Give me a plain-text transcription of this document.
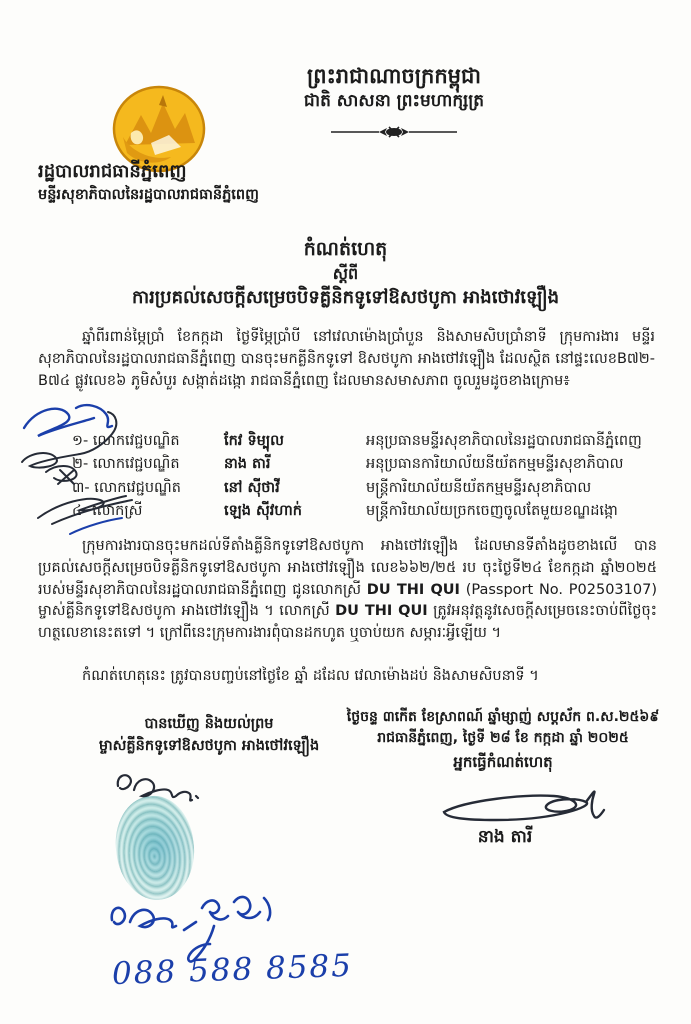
ព្រះរាជាណាចក្រកម្ពុជា
ជាតិ សាសនា ព្រះមហាក្សត្រ
រដ្ឋបាលរាជធានីភ្នំពេញ
មន្ទីរសុខាភិបាលនៃរដ្ឋបាលរាជធានីភ្នំពេញ
កំណត់ហេតុ
ស្តីពី
ការប្រគល់សេចក្តីសម្រេចបិទគ្លីនិកទូទៅឱសថបូកា អាងថោវឡឿង
ឆ្នាំពីរពាន់ម្ភៃប្រាំ ខែកក្កដា ថ្ងៃទីម្ភៃប្រាំបី នៅវេលាម៉ោងប្រាំបួន និងសាមសិបប្រាំនាទី ក្រុមការងារ មន្ទីរសុខាភិបាលនៃរដ្ឋបាលរាជធានីភ្នំពេញ បានចុះមកគ្លីនិកទូទៅ ឱសថបូកា អាងថៅវឡឿង ដែលស្ថិត នៅផ្ទះលេខB៧២-B៧៤ ផ្លូវលេខ៦ ភូមិសំបួរ សង្កាត់ដង្កោ រាជធានីភ្នំពេញ ដែលមានសមាសភាព ចូលរួមដូចខាងក្រោម៖
១- លោកវេជ្ជបណ្ឌិត	កែវ ទិម្បុល	អនុប្រធានមន្ទីរសុខាភិបាលនៃរដ្ឋបាលរាជធានីភ្នំពេញ
២- លោកវេជ្ជបណ្ឌិត	នាង តារី	អនុប្រធានការិយាល័យនីយ័តកម្មមន្ទីរសុខាភិបាល
៣- លោកវេជ្ជបណ្ឌិត	នៅ ស៊ីថាវី	មន្ត្រីការិយាល័យនីយ័តកម្មមន្ទីរសុខាភិបាល
៤- លោកស្រី	ឡេង ស៊ីវហាក់	មន្ត្រីការិយាល័យច្រកចេញចូលតែមួយខណ្ឌដង្កោ
ក្រុមការងារបានចុះមកដល់ទីតាំងគ្លីនិកទូទៅឱសថបូកា អាងថៅវឡឿង ដែលមានទីតាំងដូចខាងលើ បានប្រគល់សេចក្តីសម្រេចបិទគ្លីនិកទូទៅឱសថបូកា អាងថៅវឡឿង លេខ៦៦២/២៥ រប ចុះថ្ងៃទី២៤ ខែកក្កដា ឆ្នាំ២០២៥ របស់មន្ទីរសុខាភិបាលនៃរដ្ឋបាលរាជធានីភ្នំពេញ ជូនលោកស្រី DU THI QUI (Passport No. P02503107) ម្ចាស់គ្លីនិកទូទៅឱសថបូកា អាងថៅវឡឿង ។ លោកស្រី DU THI QUI ត្រូវអនុវត្តនូវសេចក្តីសម្រេចនេះចាប់ពីថ្ងៃចុះហត្ថលេខានេះតទៅ ។ ក្រៅពីនេះក្រុមការងារពុំបានដកហូត ឬចាប់យក សម្ភារៈអ្វីឡើយ ។
កំណត់ហេតុនេះ ត្រូវបានបញ្ចប់នៅថ្ងៃខែ ឆ្នាំ ដដែល វេលាម៉ោងដប់ និងសាមសិបនាទី ។
បានឃើញ និងយល់ព្រម
ម្ចាស់គ្លីនិកទូទៅឱសថបូកា អាងថៅវឡឿង
088 588 8585
ថ្ងៃចន្ទ ៣កើត ខែស្រាពណ៍ ឆ្នាំម្សាញ់ សប្តស័ក ព.ស.២៥៦៩
រាជធានីភ្នំពេញ, ថ្ងៃទី ២៨ ខែ កក្កដា ឆ្នាំ ២០២៥
អ្នកធ្វើកំណត់ហេតុ
នាង តារី
